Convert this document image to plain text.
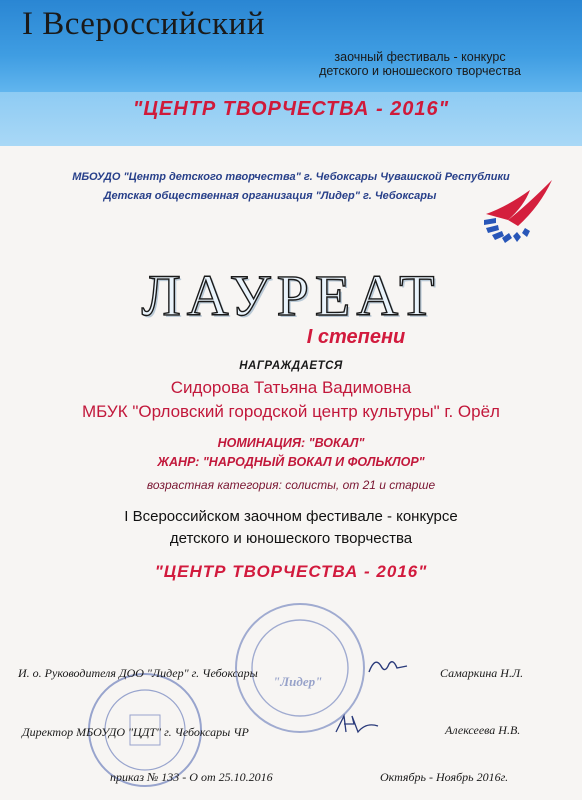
I Всероссийский
заочный фестиваль - конкурс
детского и юношеского творчества
"ЦЕНТР ТВОРЧЕСТВА - 2016"
МБОУДО "Центр детского творчества" г. Чебоксары Чувашской Республики
Детская общественная организация "Лидер" г. Чебоксары
ЛАУРЕАТ
I степени
НАГРАЖДАЕТСЯ
Сидорова Татьяна Вадимовна
МБУК "Орловский городской центр культуры" г. Орёл
НОМИНАЦИЯ: "ВОКАЛ"
ЖАНР: "НАРОДНЫЙ ВОКАЛ И ФОЛЬКЛОР"
возрастная категория: солисты, от 21 и старше
I Всероссийском заочном фестивале - конкурсе
детского и юношеского творчества
"ЦЕНТР ТВОРЧЕСТВА - 2016"
"Лидер"
И. о. Руководителя ДОО "Лидер" г. Чебоксары	Самаркина Н.Л.
Директор МБОУДО "ЦДТ" г. Чебоксары ЧР	Алексеева Н.В.
приказ № 133 - О от 25.10.2016	Октябрь - Ноябрь 2016г.
